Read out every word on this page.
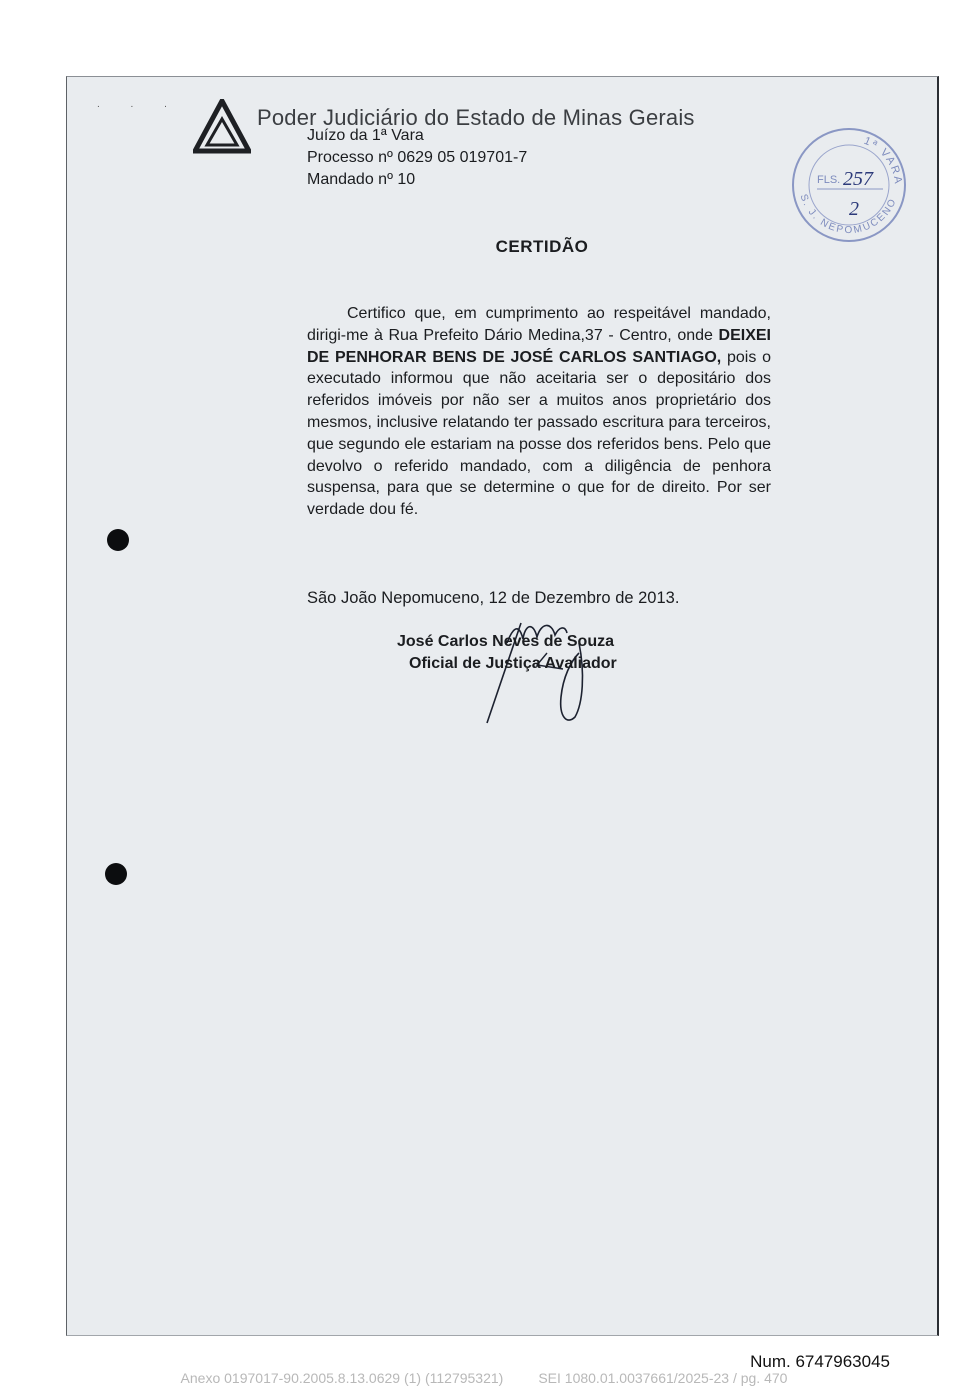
. . .
Poder Judiciário do Estado de Minas Gerais
Juízo da 1ª Vara
Processo nº 0629 05 019701-7
Mandado nº 10
1ª VARA
S. J. NEPOMUCENO
FLS. 257
2
CERTIDÃO
Certifico que, em cumprimento ao respeitável mandado, dirigi-me à Rua Prefeito Dário Medina,37 - Centro, onde DEIXEI DE PENHORAR BENS DE JOSÉ CARLOS SANTIAGO, pois o executado informou que não aceitaria ser o depositário dos referidos imóveis por não ser a muitos anos proprietário dos mesmos, inclusive relatando ter passado escritura para terceiros, que segundo ele estariam na posse dos referidos bens. Pelo que devolvo o referido mandado, com a diligência de penhora suspensa, para que se determine o que for de direito. Por ser verdade dou fé.
São João Nepomuceno, 12 de Dezembro de 2013.
José Carlos Neves de Souza
Oficial de Justiça Avaliador
Num. 6747963045
Anexo 0197017-90.2005.8.13.0629 (1) (112795321)         SEI 1080.01.0037661/2025-23 / pg. 470
